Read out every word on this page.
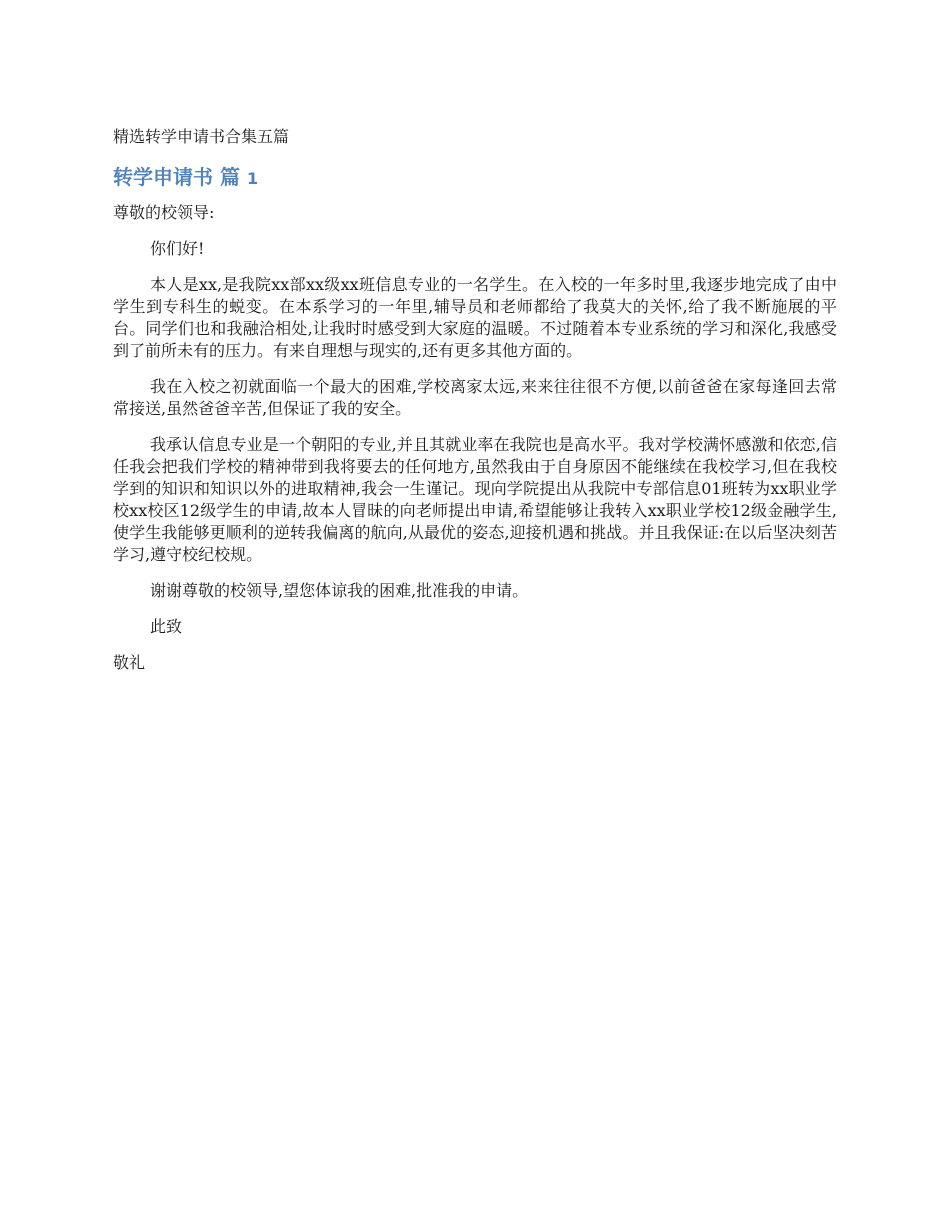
精选转学申请书合集五篇
转学申请书 篇 1

尊敬的校领导:

你们好!

本人是xx,是我院xx部xx级xx班信息专业的一名学生。在入校的一年多时里,我逐步地完成了由中学生到专科生的蜕变。在本系学习的一年里,辅导员和老师都给了我莫大的关怀,给了我不断施展的平台。同学们也和我融洽相处,让我时时感受到大家庭的温暖。不过随着本专业系统的学习和深化,我感受到了前所未有的压力。有来自理想与现实的,还有更多其他方面的。

我在入校之初就面临一个最大的困难,学校离家太远,来来往往很不方便,以前爸爸在家每逢回去常常接送,虽然爸爸辛苦,但保证了我的安全。

我承认信息专业是一个朝阳的专业,并且其就业率在我院也是高水平。我对学校满怀感激和依恋,信任我会把我们学校的精神带到我将要去的任何地方,虽然我由于自身原因不能继续在我校学习,但在我校学到的知识和知识以外的进取精神,我会一生谨记。现向学院提出从我院中专部信息01班转为xx职业学校xx校区12级学生的申请,故本人冒昧的向老师提出申请,希望能够让我转入xx职业学校12级金融学生,使学生我能够更顺利的逆转我偏离的航向,从最优的姿态,迎接机遇和挑战。并且我保证:在以后坚决刻苦学习,遵守校纪校规。

谢谢尊敬的校领导,望您体谅我的困难,批准我的申请。

此致

敬礼
